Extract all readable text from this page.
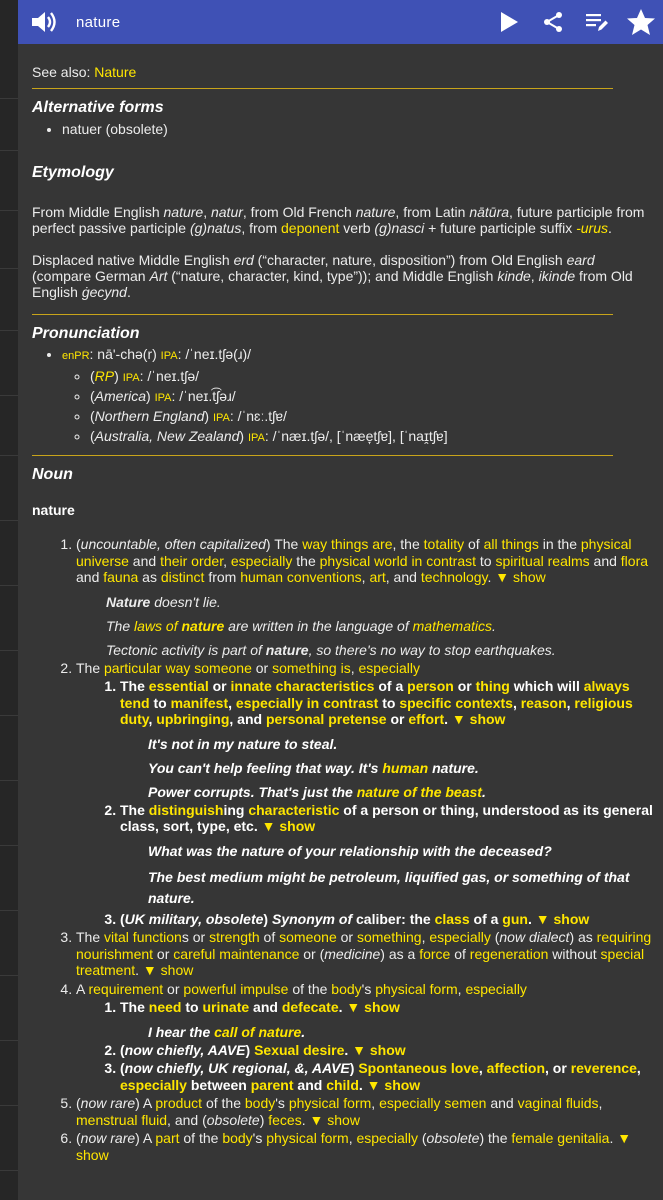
nature
See also: Nature
Alternative forms
• natuer (obsolete)
Etymology

From Middle English nature, natur, from Old French nature, from Latin nātūra, future participle from perfect passive participle (g)natus, from deponent verb (g)nasci + future participle suffix -urus.

Displaced native Middle English erd (“character, nature, disposition”) from Old English eard (compare German Art (“nature, character, kind, type”)); and Middle English kinde, ikinde from Old English ġecynd.

Pronunciation
• enPR: nā'-chə(r) IPA: /ˈneɪ.tʃə(ɹ)/
◦ (RP) IPA: /ˈneɪ.tʃə/
◦ (America) IPA: /ˈneɪ.t͡ʃəɹ/
◦ (Northern England) IPA: /ˈnɛː.tʃɐ/
◦ (Australia, New Zealand) IPA: /ˈnæɪ.tʃə/, [ˈnæe̞tʃɐ], [ˈnaɪ̯tʃɐ]
Noun
nature
1. (uncountable, often capitalized) The way things are, the totality of all things in the physical universe and their order, especially the physical world in contrast to spiritual realms and flora and fauna as distinct from human conventions, art, and technology. ▼ show
Nature doesn't lie.
The laws of nature are written in the language of mathematics.
Tectonic activity is part of nature, so there's no way to stop earthquakes.
2. The particular way someone or something is, especially
1. The essential or innate characteristics of a person or thing which will always tend to manifest, especially in contrast to specific contexts, reason, religious duty, upbringing, and personal pretense or effort. ▼ show
It's not in my nature to steal.
You can't help feeling that way. It's human nature.
Power corrupts. That's just the nature of the beast.
2. The distinguishing characteristic of a person or thing, understood as its general class, sort, type, etc. ▼ show
What was the nature of your relationship with the deceased?
The best medium might be petroleum, liquified gas, or something of that nature.
3. (UK military, obsolete) Synonym of caliber: the class of a gun. ▼ show
3. The vital functions or strength of someone or something, especially (now dialect) as requiring nourishment or careful maintenance or (medicine) as a force of regeneration without special treatment. ▼ show
4. A requirement or powerful impulse of the body's physical form, especially
1. The need to urinate and defecate. ▼ show
I hear the call of nature.
2. (now chiefly, AAVE) Sexual desire. ▼ show
3. (now chiefly, UK regional, &, AAVE) Spontaneous love, affection, or reverence, especially between parent and child. ▼ show
5. (now rare) A product of the body's physical form, especially semen and vaginal fluids, menstrual fluid, and (obsolete) feces. ▼ show
6. (now rare) A part of the body's physical form, especially (obsolete) the female genitalia. ▼ show
